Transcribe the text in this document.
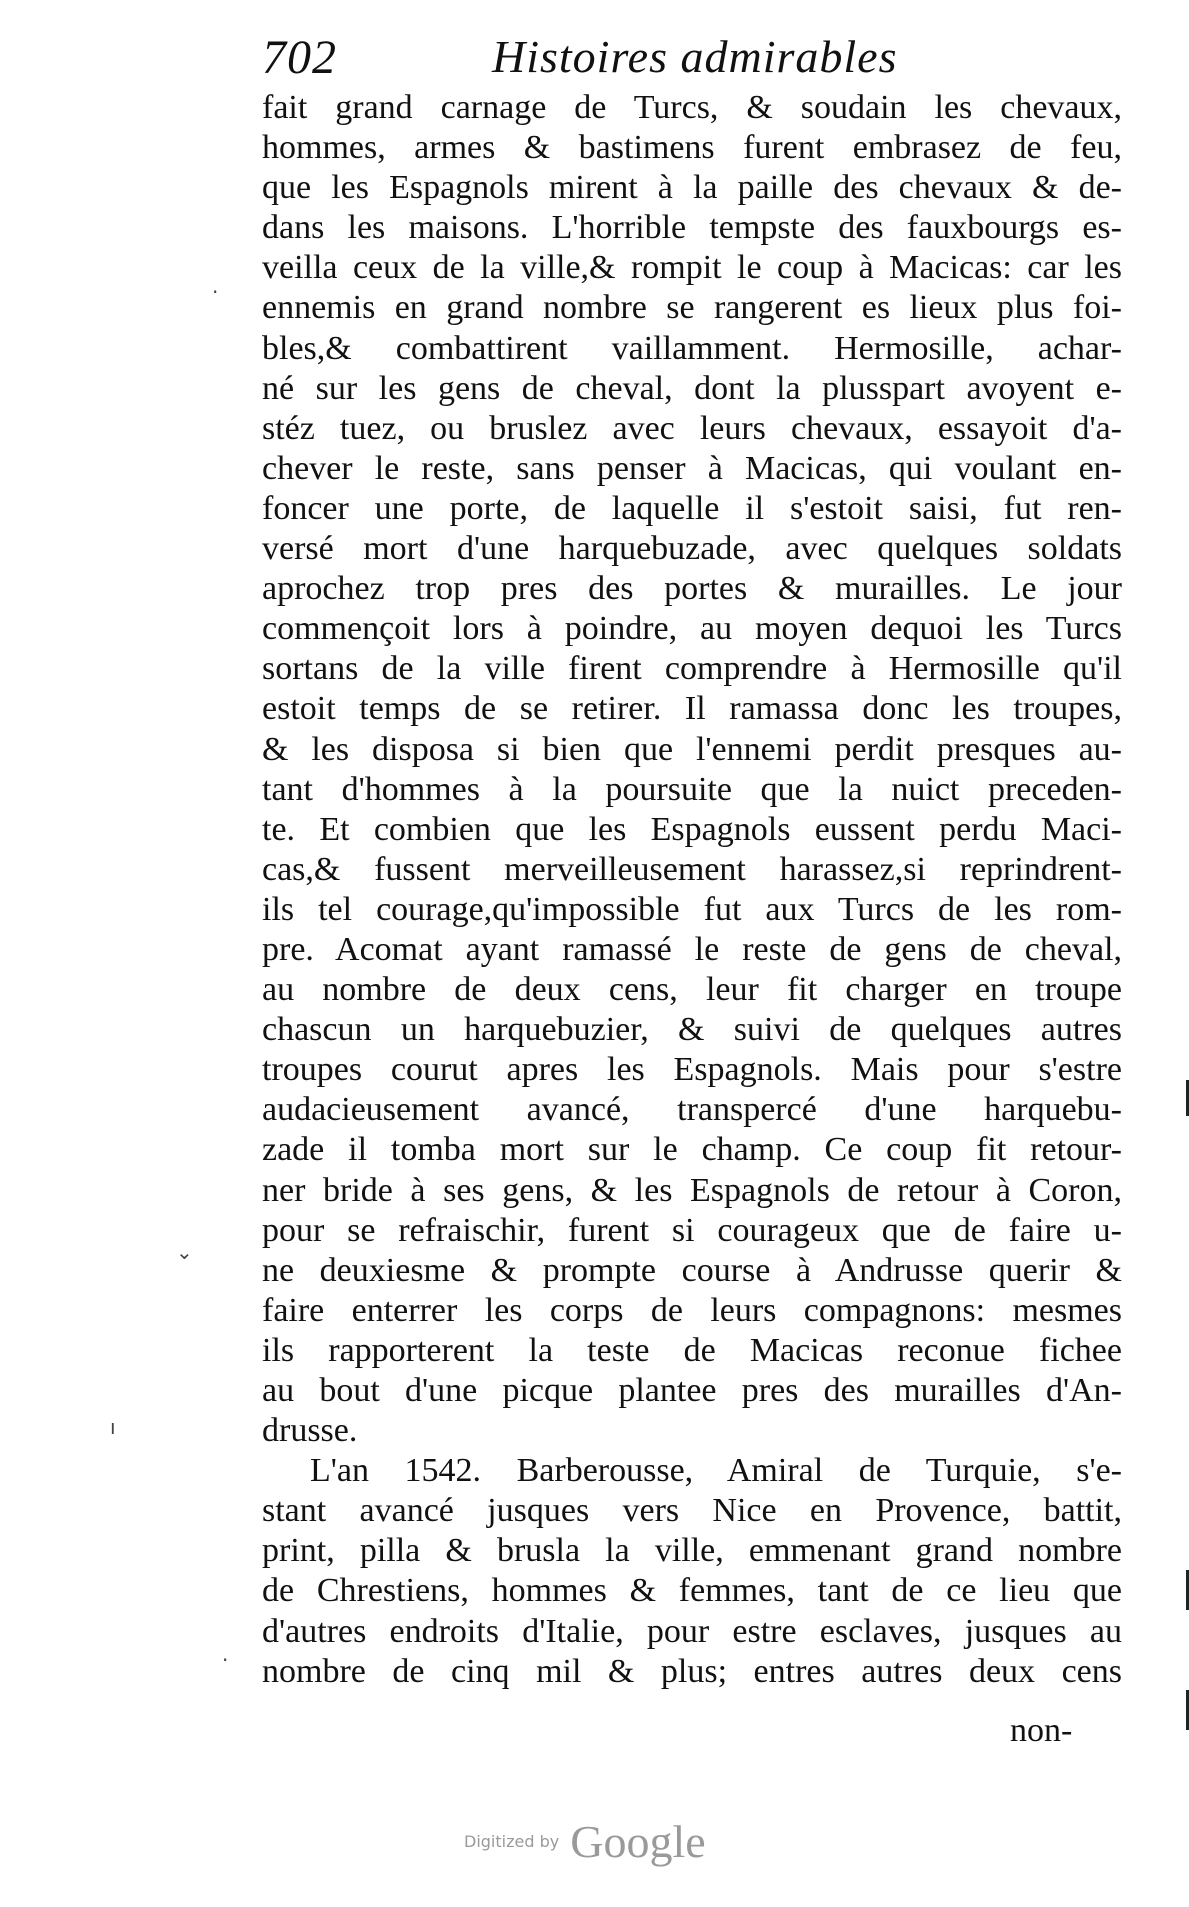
702	Histoires admirables
fait grand carnage de Turcs, & soudain les chevaux,
hommes, armes & bastimens furent embrasez de feu,
que les Espagnols mirent à la paille des chevaux & de-
dans les maisons. L'horrible tempste des fauxbourgs es-
veilla ceux de la ville,& rompit le coup à Macicas: car les
ennemis en grand nombre se rangerent es lieux plus foi-
bles,& combattirent vaillamment. Hermosille, achar-
né sur les gens de cheval, dont la plusspart avoyent e-
stéz tuez, ou bruslez avec leurs chevaux, essayoit d'a-
chever le reste, sans penser à Macicas, qui voulant en-
foncer une porte, de laquelle il s'estoit saisi, fut ren-
versé mort d'une harquebuzade, avec quelques soldats
aprochez trop pres des portes & murailles. Le jour
commençoit lors à poindre, au moyen dequoi les Turcs
sortans de la ville firent comprendre à Hermosille qu'il
estoit temps de se retirer. Il ramassa donc les troupes,
& les disposa si bien que l'ennemi perdit presques au-
tant d'hommes à la poursuite que la nuict preceden-
te. Et combien que les Espagnols eussent perdu Maci-
cas,& fussent merveilleusement harassez,si reprindrent-
ils tel courage,qu'impossible fut aux Turcs de les rom-
pre. Acomat ayant ramassé le reste de gens de cheval,
au nombre de deux cens, leur fit charger en troupe
chascun un harquebuzier, & suivi de quelques autres
troupes courut apres les Espagnols. Mais pour s'estre
audacieusement avancé, transpercé d'une harquebu-
zade il tomba mort sur le champ. Ce coup fit retour-
ner bride à ses gens, & les Espagnols de retour à Coron,
pour se refraischir, furent si courageux que de faire u-
ne deuxiesme & prompte course à Andrusse querir &
faire enterrer les corps de leurs compagnons: mesmes
ils rapporterent la teste de Macicas reconue fichee
au bout d'une picque plantee pres des murailles d'An-
drusse.
L'an 1542. Barberousse, Amiral de Turquie, s'e-
stant avancé jusques vers Nice en Provence, battit,
print, pilla & brusla la ville, emmenant grand nombre
de Chrestiens, hommes & femmes, tant de ce lieu que
d'autres endroits d'Italie, pour estre esclaves, jusques au
nombre de cinq mil & plus; entres autres deux cens
non-
·
⌄
ı
·
Digitized by Google
